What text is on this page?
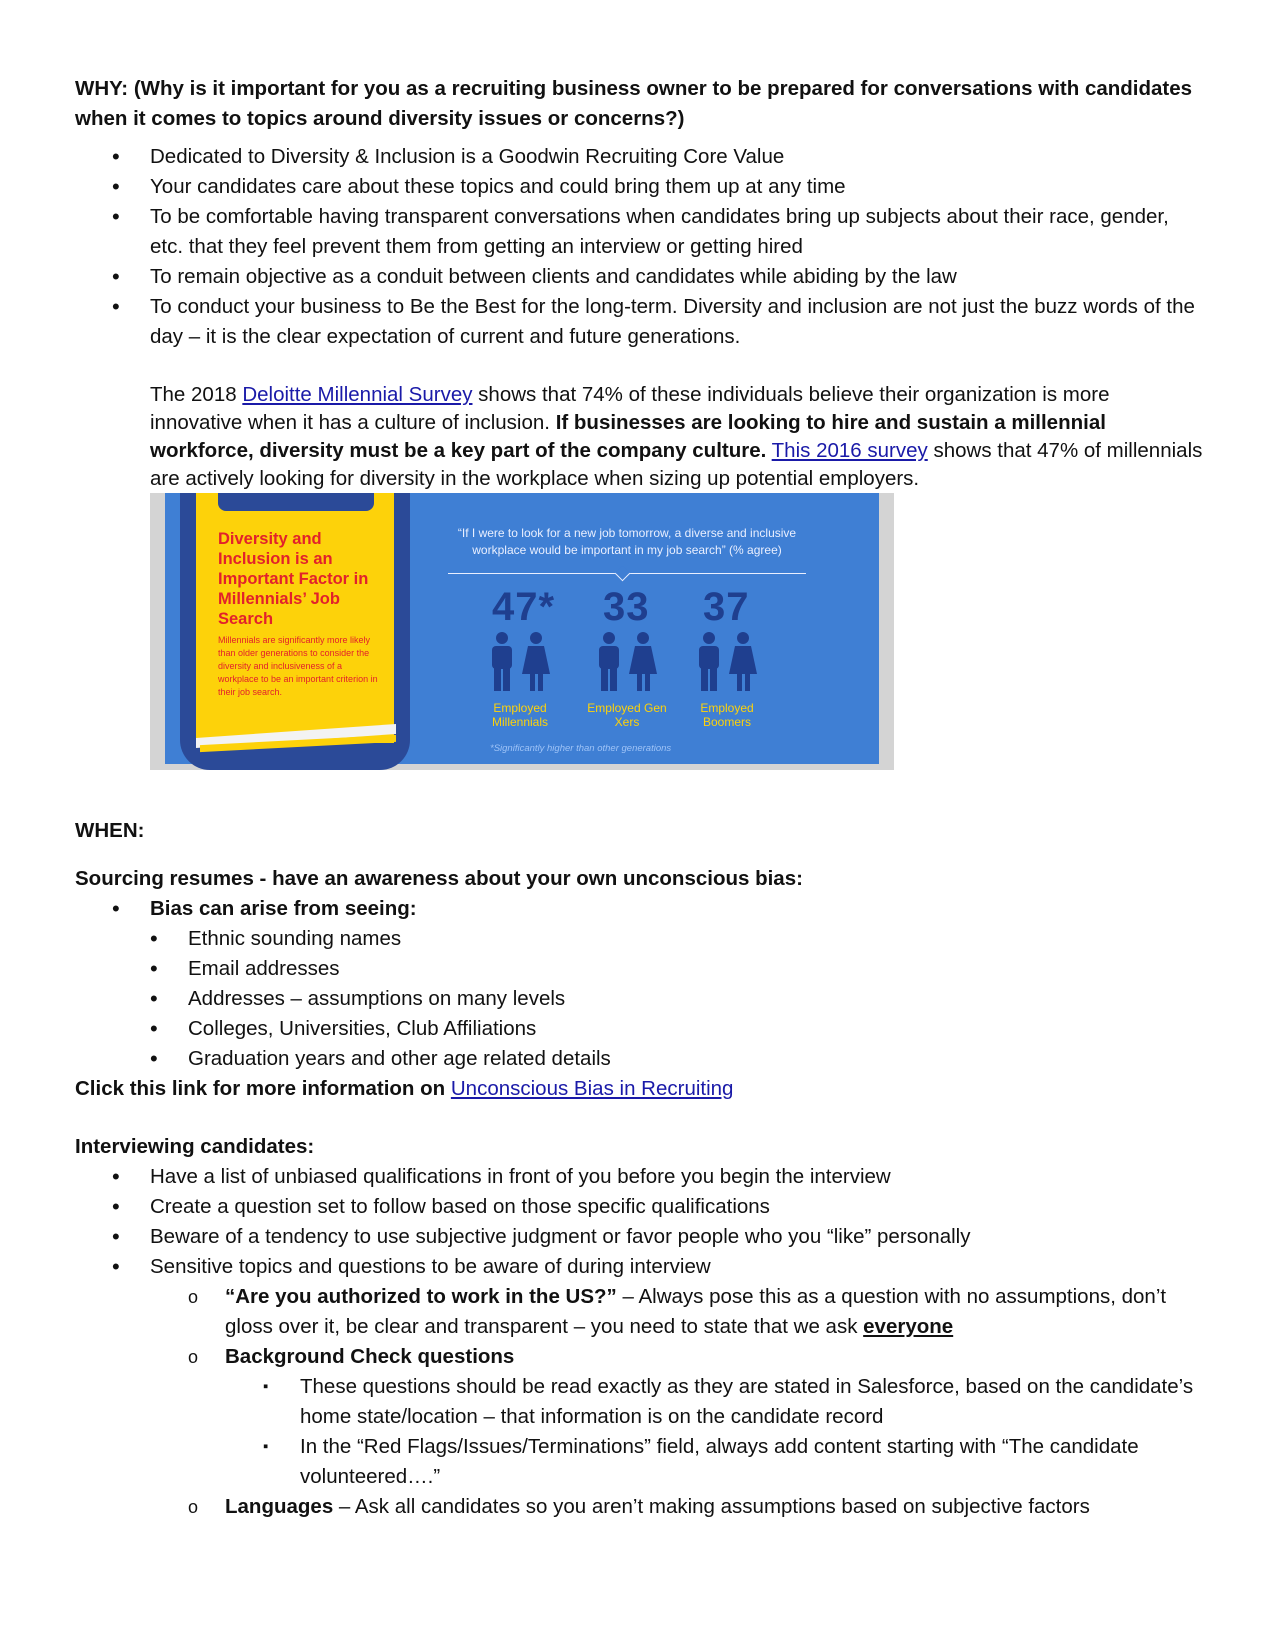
WHY: (Why is it important for you as a recruiting business owner to be prepared for conversations with candidates when it comes to topics around diversity issues or concerns?)

• Dedicated to Diversity & Inclusion is a Goodwin Recruiting Core Value
• Your candidates care about these topics and could bring them up at any time
• To be comfortable having transparent conversations when candidates bring up subjects about their race, gender, etc. that they feel prevent them from getting an interview or getting hired
• To remain objective as a conduit between clients and candidates while abiding by the law
• To conduct your business to Be the Best for the long-term. Diversity and inclusion are not just the buzz words of the day – it is the clear expectation of current and future generations.

The 2018 Deloitte Millennial Survey shows that 74% of these individuals believe their organization is more innovative when it has a culture of inclusion. If businesses are looking to hire and sustain a millennial workforce, diversity must be a key part of the company culture. This 2016 survey shows that 47% of millennials are actively looking for diversity in the workplace when sizing up potential employers.

Diversity and Inclusion is an Important Factor in Millennials’ Job Search
Millennials are significantly more likely than older generations to consider the diversity and inclusiveness of a workplace to be an important criterion in their job search.
“If I were to look for a new job tomorrow, a diverse and inclusive workplace would be important in my job search” (% agree)
47* 33 37
Employed Millennials
Employed Gen Xers
Employed Boomers
*Significantly higher than other generations

WHEN:

Sourcing resumes - have an awareness about your own unconscious bias:

• Bias can arise from seeing:
• Ethnic sounding names
• Email addresses
• Addresses – assumptions on many levels
• Colleges, Universities, Club Affiliations
• Graduation years and other age related details

Click this link for more information on Unconscious Bias in Recruiting

Interviewing candidates:

• Have a list of unbiased qualifications in front of you before you begin the interview
• Create a question set to follow based on those specific qualifications
• Beware of a tendency to use subjective judgment or favor people who you “like” personally
• Sensitive topics and questions to be aware of during interview
o “Are you authorized to work in the US?” – Always pose this as a question with no assumptions, don’t gloss over it, be clear and transparent – you need to state that we ask everyone
o Background Check questions
▪ These questions should be read exactly as they are stated in Salesforce, based on the candidate’s home state/location – that information is on the candidate record
▪ In the “Red Flags/Issues/Terminations” field, always add content starting with “The candidate volunteered….”
o Languages – Ask all candidates so you aren’t making assumptions based on subjective factors
